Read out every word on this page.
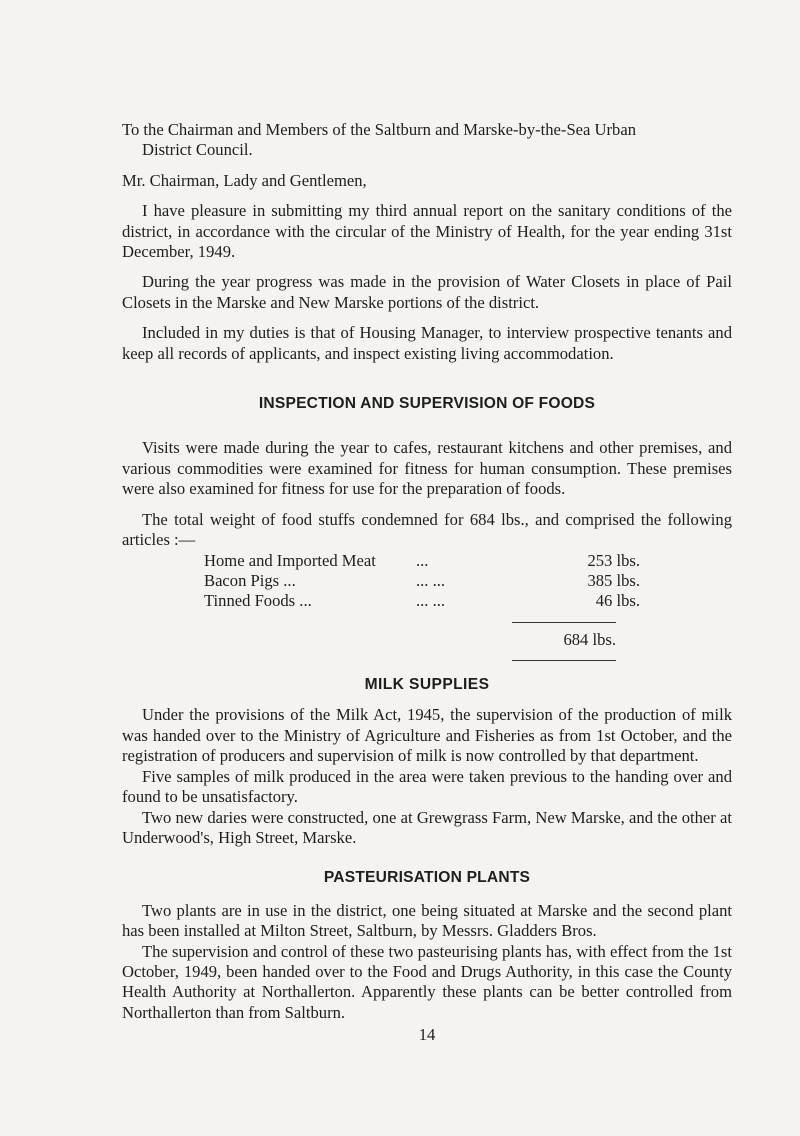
To the Chairman and Members of the Saltburn and Marske-by-the-Sea Urban

District Council.

Mr. Chairman, Lady and Gentlemen,

I have pleasure in submitting my third annual report on the sanitary conditions of the district, in accordance with the circular of the Ministry of Health, for the year ending 31st December, 1949.

During the year progress was made in the provision of Water Closets in place of Pail Closets in the Marske and New Marske portions of the district.

Included in my duties is that of Housing Manager, to interview prospective tenants and keep all records of applicants, and inspect existing living accommodation.

INSPECTION AND SUPERVISION OF FOODS

Visits were made during the year to cafes, restaurant kitchens and other premises, and various commodities were examined for fitness for human consumption. These premises were also examined for fitness for use for the preparation of foods.

The total weight of food stuffs condemned for 684 lbs., and comprised the following articles :—

Home and Imported Meat	...	253 lbs.
Bacon Pigs ...	... ...	385 lbs.
Tinned Foods ...	... ...	46 lbs.
684 lbs.
MILK SUPPLIES

Under the provisions of the Milk Act, 1945, the supervision of the production of milk was handed over to the Ministry of Agriculture and Fisheries as from 1st October, and the registration of producers and supervision of milk is now controlled by that department.

Five samples of milk produced in the area were taken previous to the handing over and found to be unsatisfactory.

Two new daries were constructed, one at Grewgrass Farm, New Marske, and the other at Underwood's, High Street, Marske.

PASTEURISATION PLANTS

Two plants are in use in the district, one being situated at Marske and the second plant has been installed at Milton Street, Saltburn, by Messrs. Gladders Bros.

The supervision and control of these two pasteurising plants has, with effect from the 1st October, 1949, been handed over to the Food and Drugs Authority, in this case the County Health Authority at Northallerton. Apparently these plants can be better controlled from Northallerton than from Saltburn.

14
